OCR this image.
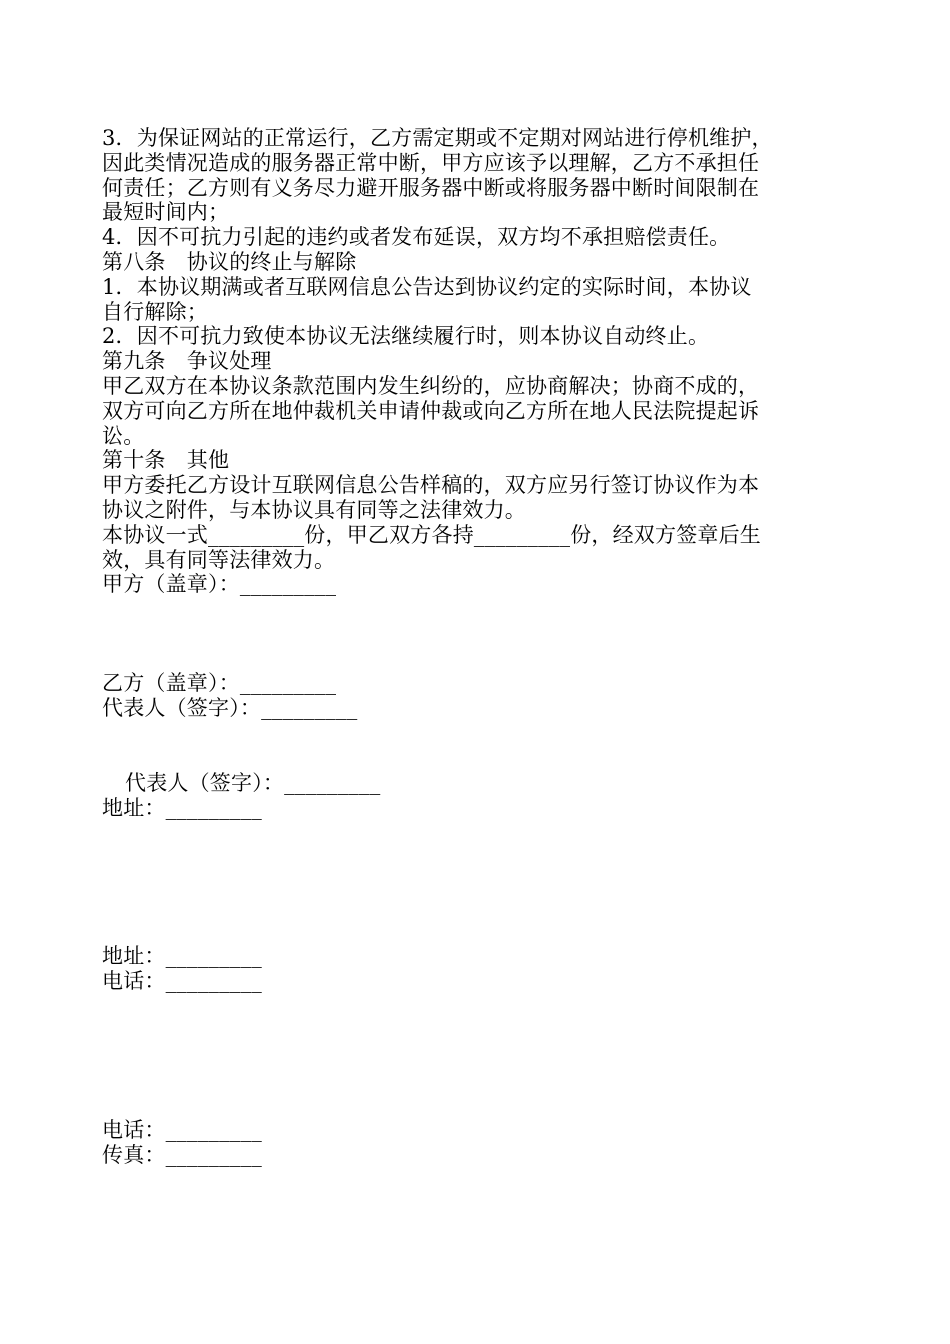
3．为保证网站的正常运行，乙方需定期或不定期对网站进行停机维护，
因此类情况造成的服务器正常中断，甲方应该予以理解，乙方不承担任
何责任；乙方则有义务尽力避开服务器中断或将服务器中断时间限制在
最短时间内；
4．因不可抗力引起的违约或者发布延误，双方均不承担赔偿责任。
第八条　协议的终止与解除
1．本协议期满或者互联网信息公告达到协议约定的实际时间，本协议
自行解除；
2．因不可抗力致使本协议无法继续履行时，则本协议自动终止。
第九条　争议处理
甲乙双方在本协议条款范围内发生纠纷的，应协商解决；协商不成的，
双方可向乙方所在地仲裁机关申请仲裁或向乙方所在地人民法院提起诉
讼。
第十条　其他
甲方委托乙方设计互联网信息公告样稿的，双方应另行签订协议作为本
协议之附件，与本协议具有同等之法律效力。
本协议一式_________份，甲乙双方各持_________份，经双方签章后生
效，具有同等法律效力。
甲方（盖章）：_________
乙方（盖章）：_________
代表人（签字）：_________
代表人（签字）：_________
地址：_________
地址：_________
电话：_________
电话：_________
传真：_________
